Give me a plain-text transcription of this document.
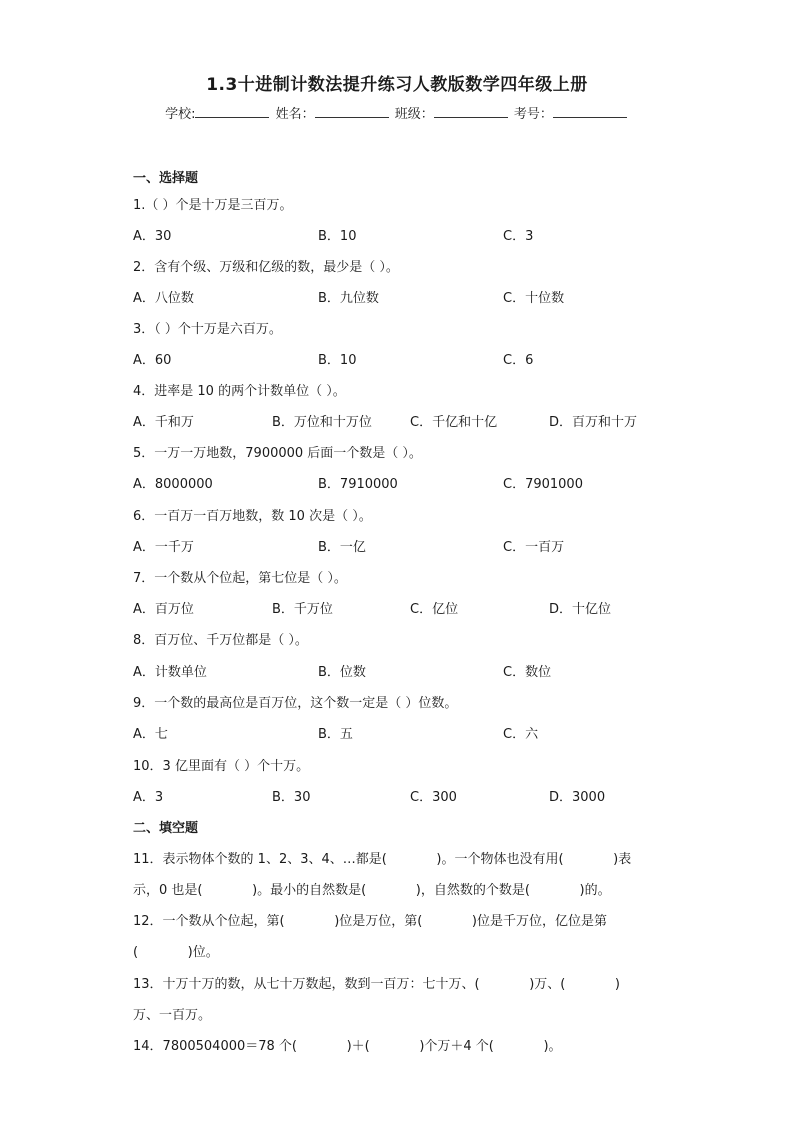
1.3十进制计数法提升练习人教版数学四年级上册
学校:	姓名：	班级：	考号：
一、选择题
1.（ ）个是十万是三百万。
A．30	B．10	C．3
2．含有个级、万级和亿级的数，最少是（ ）。
A．八位数	B．九位数	C．十位数
3．（ ）个十万是六百万。
A．60	B．10	C．6
4．进率是 10 的两个计数单位（ ）。
A．千和万	B．万位和十万位	C．千亿和十亿	D．百万和十万
5．一万一万地数，7900000 后面一个数是（ ）。
A．8000000	B．7910000	C．7901000
6．一百万一百万地数，数 10 次是（ ）。
A．一千万	B．一亿	C．一百万
7．一个数从个位起，第七位是（ ）。
A．百万位	B．千万位	C．亿位	D．十亿位
8．百万位、千万位都是（ ）。
A．计数单位	B．位数	C．数位
9．一个数的最高位是百万位，这个数一定是（ ）位数。
A．七	B．五	C．六
10．3 亿里面有（ ）个十万。
A．3	B．30	C．300	D．3000
二、填空题
11．表示物体个数的 1、2、3、4、…都是(            )。一个物体也没有用(            )表
示，0 也是(            )。最小的自然数是(            )，自然数的个数是(            )的。
12．一个数从个位起，第(            )位是万位，第(            )位是千万位，亿位是第
(            )位。
13．十万十万的数，从七十万数起，数到一百万：七十万、(            )万、(            )
万、一百万。
14．7800504000＝78 个(            )＋(            )个万＋4 个(            )。
